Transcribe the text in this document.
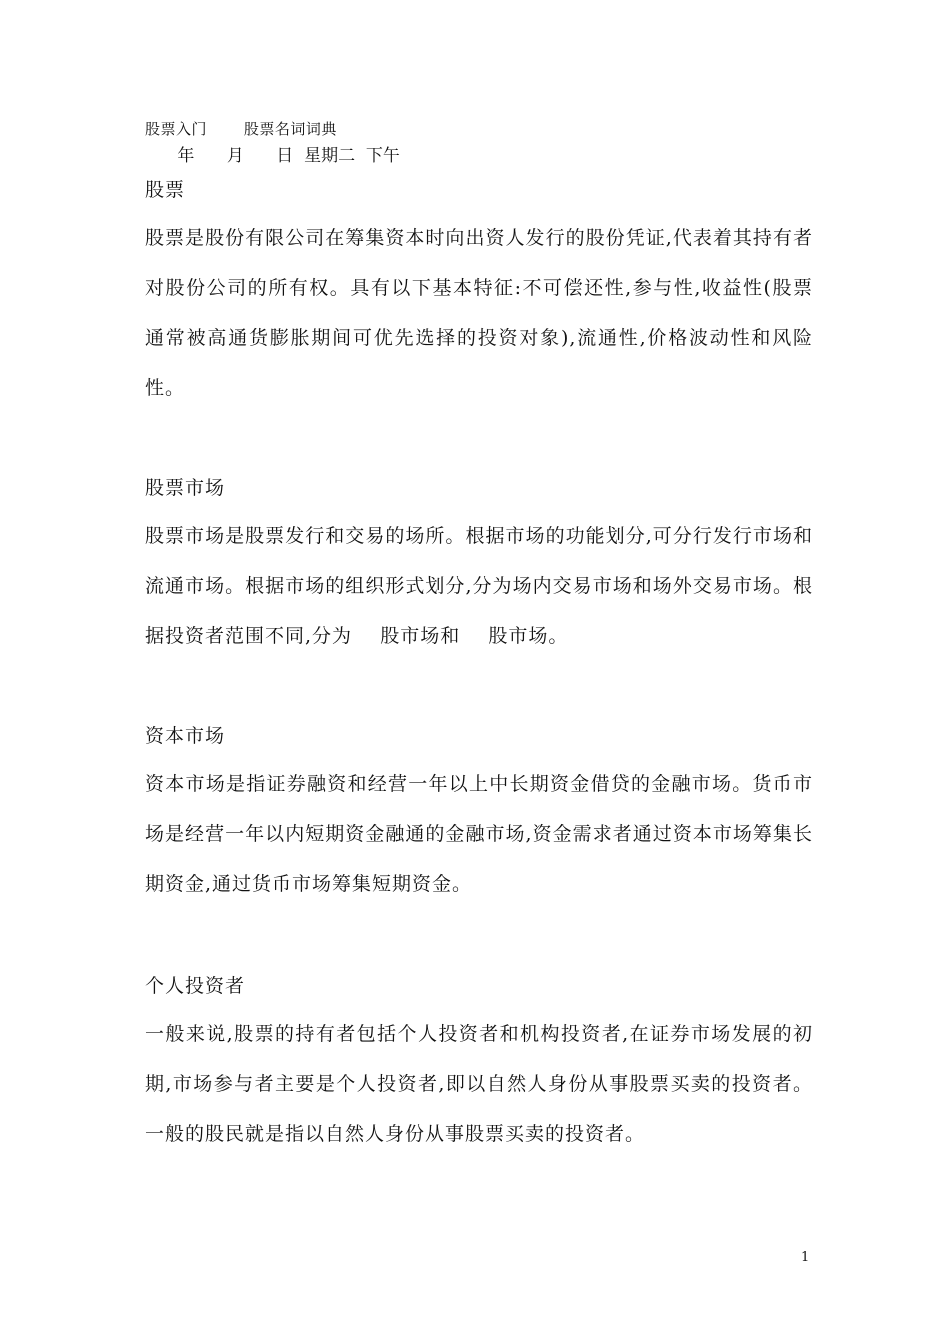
股票入门       股票名词词典
年      月      日  星期二  下午
股票
股票是股份有限公司在筹集资本时向出资人发行的股份凭证,代表着其持有者对股份公司的所有权。具有以下基本特征:不可偿还性,参与性,收益性(股票通常被高通货膨胀期间可优先选择的投资对象),流通性,价格波动性和风险性。
股票市场
股票市场是股票发行和交易的场所。根据市场的功能划分,可分行发行市场和流通市场。根据市场的组织形式划分,分为场内交易市场和场外交易市场。根据投资者范围不同,分为    股市场和    股市场。
资本市场
资本市场是指证券融资和经营一年以上中长期资金借贷的金融市场。货币市场是经营一年以内短期资金融通的金融市场,资金需求者通过资本市场筹集长期资金,通过货币市场筹集短期资金。
个人投资者
一般来说,股票的持有者包括个人投资者和机构投资者,在证券市场发展的初期,市场参与者主要是个人投资者,即以自然人身份从事股票买卖的投资者。一般的股民就是指以自然人身份从事股票买卖的投资者。
1
